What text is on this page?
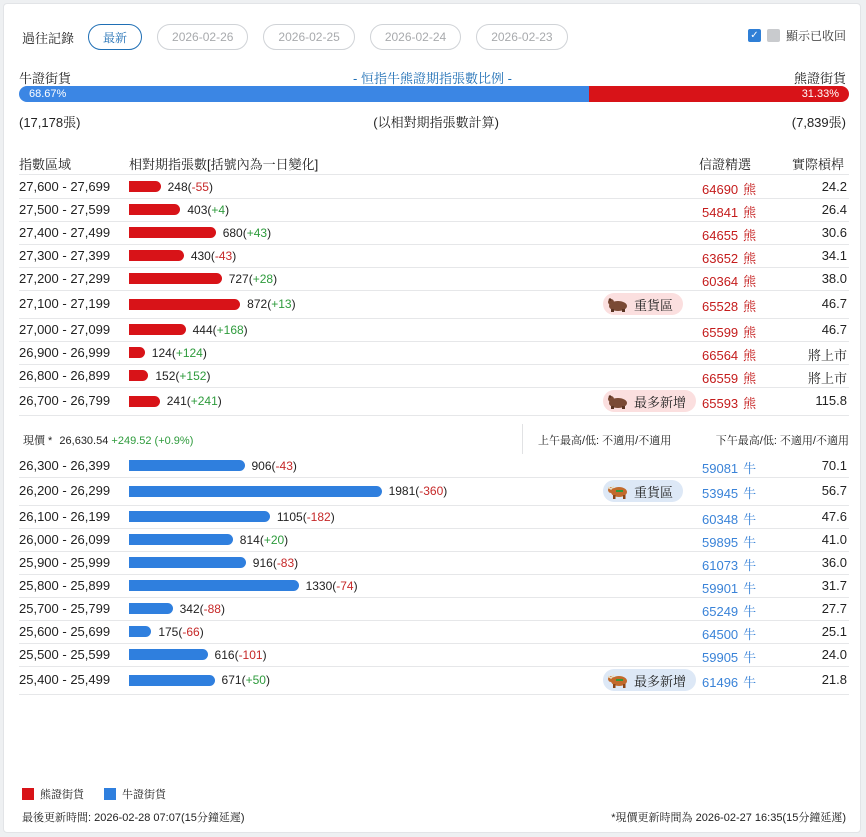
過往記錄	最新	2026-02-26	2026-02-25	2026-02-24	2026-02-23	✓ 顯示已收回
牛證街貨	- 恒指牛熊證期指張數比例 -	熊證街貨
68.67%	31.33%
(17,178張)	(以相對期指張數計算)	(7,839張)
指數區域	相對期指張數[括號內為一日變化]	信證精選	實際槓桿
27,600 - 27,699	248(-55)	64690 熊	24.2
27,500 - 27,599	403(+4)	54841 熊	26.4
27,400 - 27,499	680(+43)	64655 熊	30.6
27,300 - 27,399	430(-43)	63652 熊	34.1
27,200 - 27,299	727(+28)	60364 熊	38.0
27,100 - 27,199	872(+13)	重貨區 65528 熊	46.7
27,000 - 27,099	444(+168)	65599 熊	46.7
26,900 - 26,999	124(+124)	66564 熊	將上市
26,800 - 26,899	152(+152)	66559 熊	將上市
26,700 - 26,799	241(+241)	最多新增 65593 熊	115.8
現價 * 26,630.54 +249.52 (+0.9%)	上午最高/低: 不適用/不適用	下午最高/低: 不適用/不適用
26,300 - 26,399	906(-43)	59081 牛	70.1
26,200 - 26,299	1981(-360)	重貨區 53945 牛	56.7
26,100 - 26,199	1105(-182)	60348 牛	47.6
26,000 - 26,099	814(+20)	59895 牛	41.0
25,900 - 25,999	916(-83)	61073 牛	36.0
25,800 - 25,899	1330(-74)	59901 牛	31.7
25,700 - 25,799	342(-88)	65249 牛	27.7
25,600 - 25,699	175(-66)	64500 牛	25.1
25,500 - 25,599	616(-101)	59905 牛	24.0
25,400 - 25,499	671(+50)	最多新增 61496 牛	21.8
熊證街貨	牛證街貨
最後更新時間: 2026-02-28 07:07(15分鐘延遲)	*現價更新時間為 2026-02-27 16:35(15分鐘延遲)
